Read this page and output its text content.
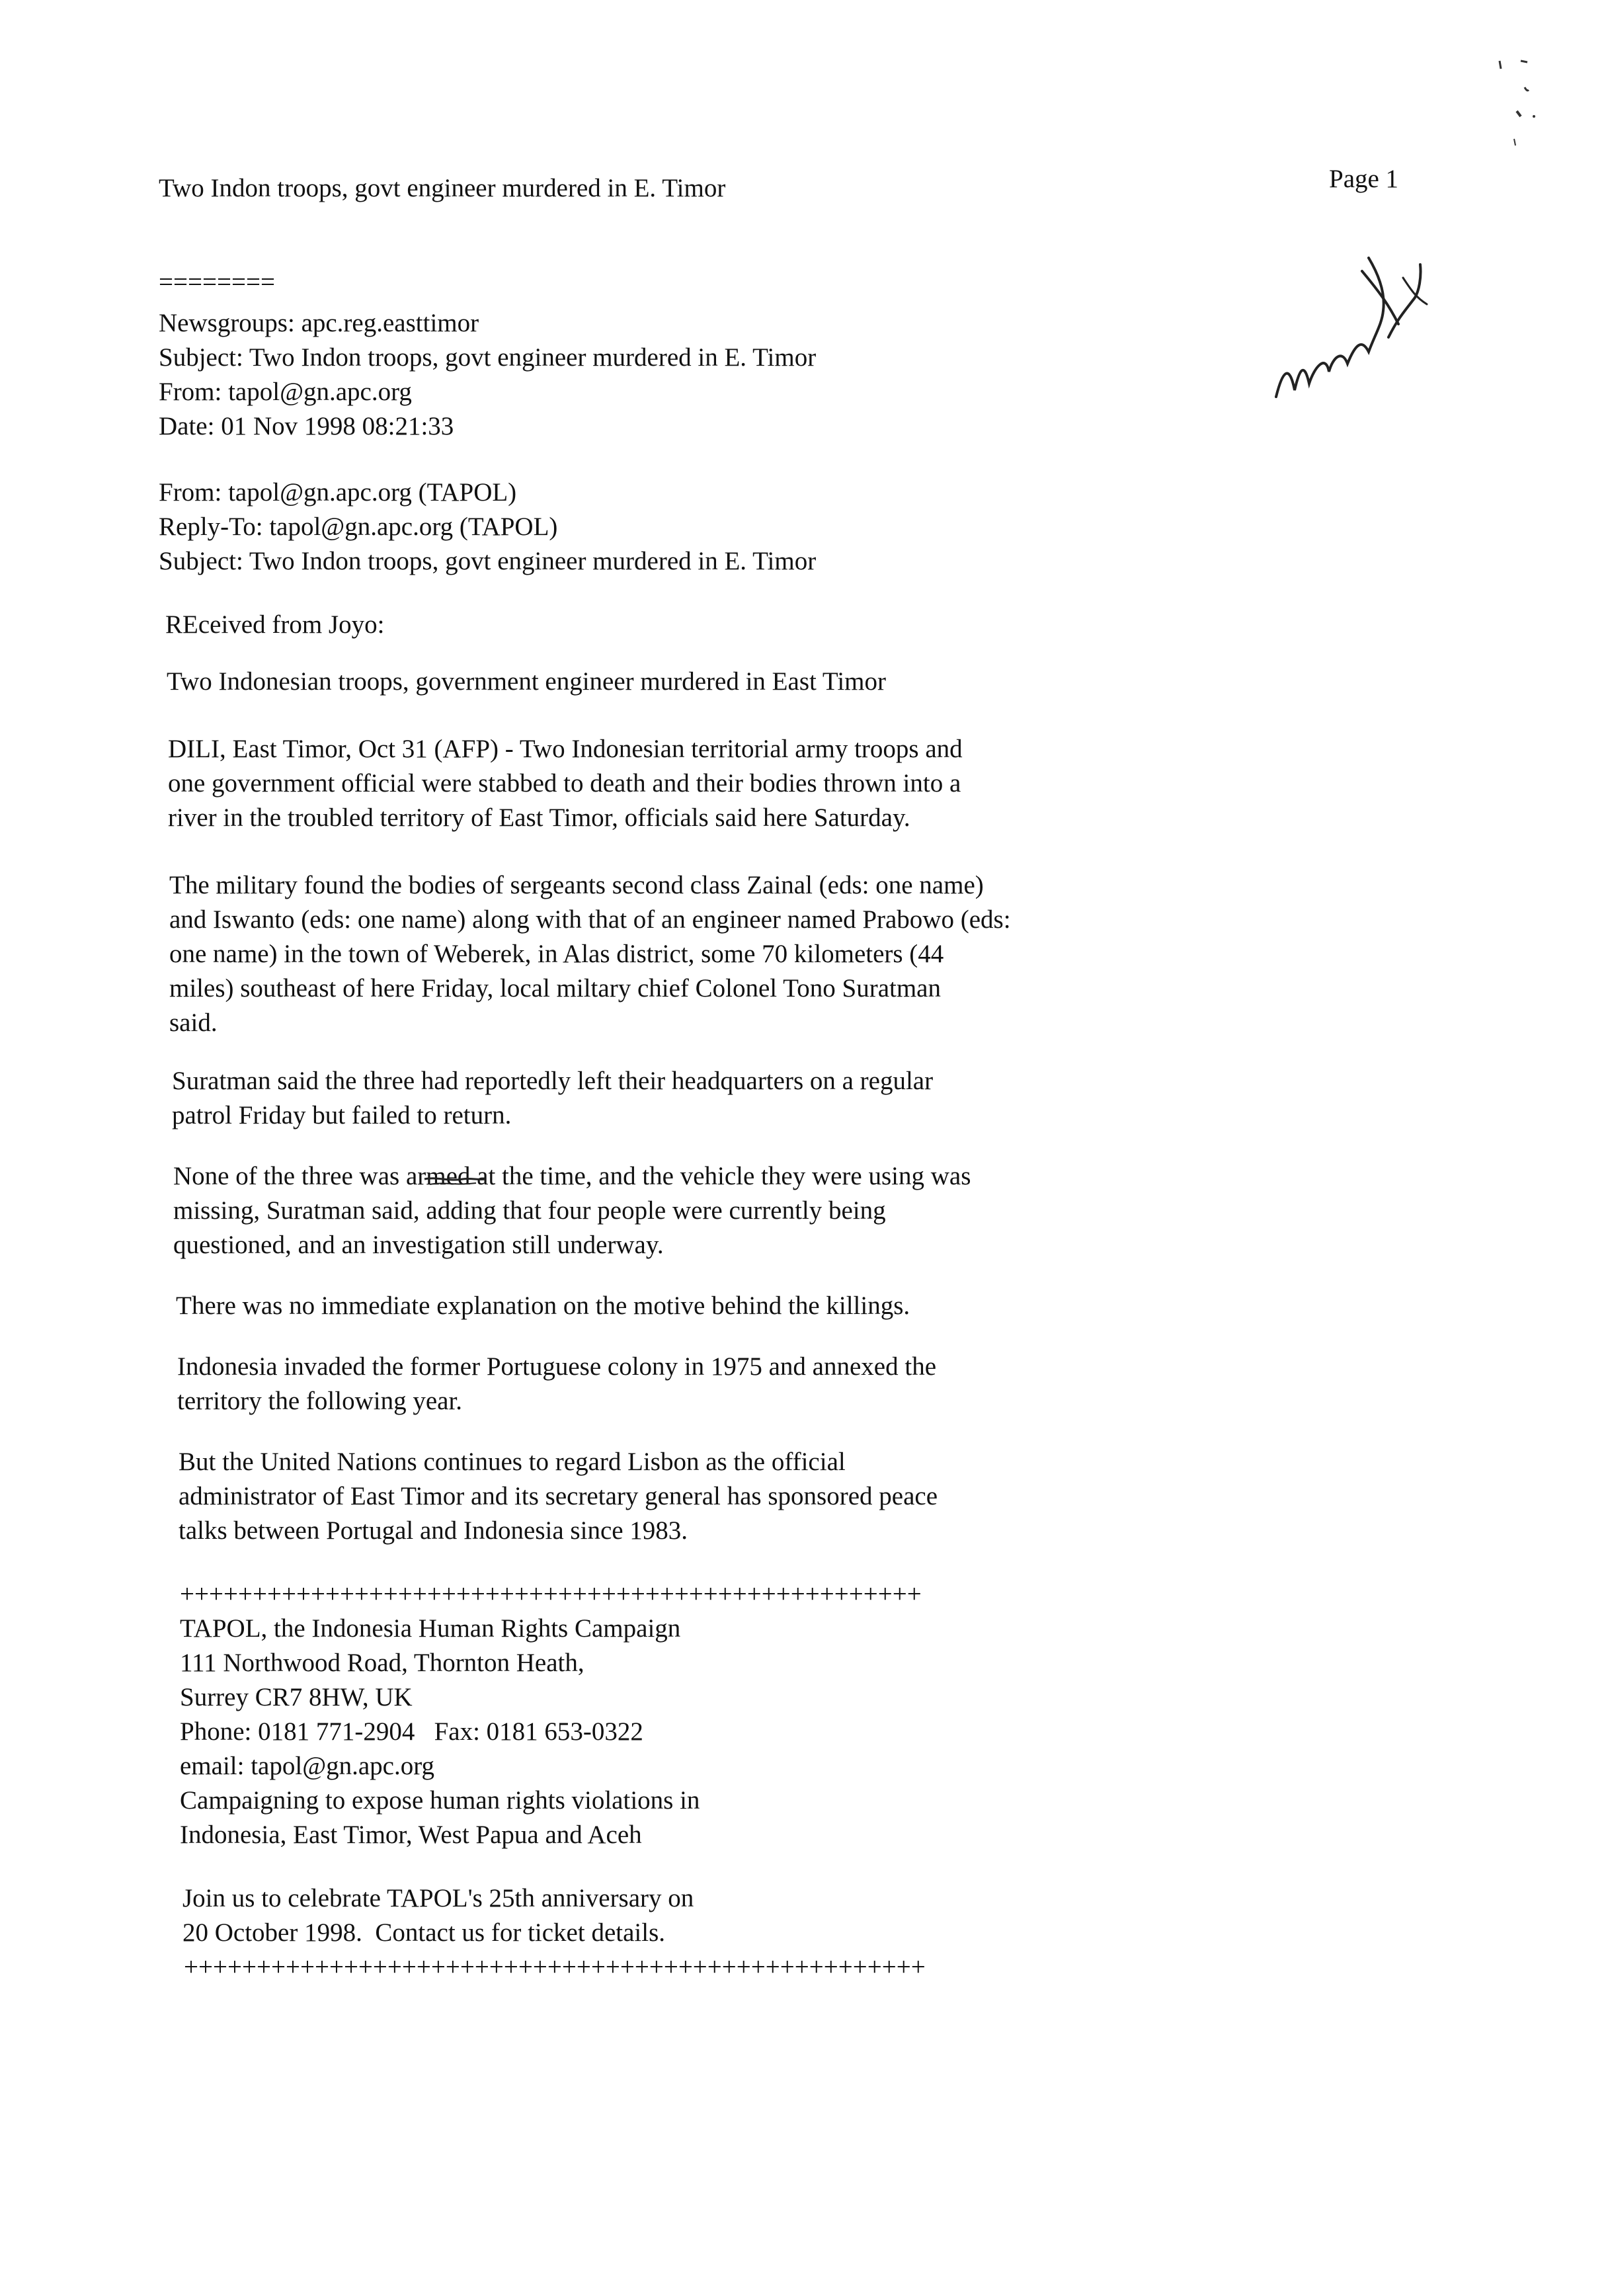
Page 1
Two Indon troops, govt engineer murdered in E. Timor
========
Newsgroups: apc.reg.easttimor
Subject: Two Indon troops, govt engineer murdered in E. Timor
From: tapol@gn.apc.org
Date: 01 Nov 1998 08:21:33
From: tapol@gn.apc.org (TAPOL)
Reply-To: tapol@gn.apc.org (TAPOL)
Subject: Two Indon troops, govt engineer murdered in E. Timor
REceived from Joyo:
Two Indonesian troops, government engineer murdered in East Timor
DILI, East Timor, Oct 31 (AFP) - Two Indonesian territorial army troops and
one government official were stabbed to death and their bodies thrown into a
river in the troubled territory of East Timor, officials said here Saturday.
The military found the bodies of sergeants second class Zainal (eds: one name)
and Iswanto (eds: one name) along with that of an engineer named Prabowo (eds:
one name) in the town of Weberek, in Alas district, some 70 kilometers (44
miles) southeast of here Friday, local miltary chief Colonel Tono Suratman
said.
Suratman said the three had reportedly left their headquarters on a regular
patrol Friday but failed to return.
None of the three was armed at the time, and the vehicle they were using was
missing, Suratman said, adding that four people were currently being
questioned, and an investigation still underway.
There was no immediate explanation on the motive behind the killings.
Indonesia invaded the former Portuguese colony in 1975 and annexed the
territory the following year.
But the United Nations continues to regard Lisbon as the official
administrator of East Timor and its secretary general has sponsored peace
talks between Portugal and Indonesia since 1983.
+++++++++++++++++++++++++++++++++++++++++++++++++++
TAPOL, the Indonesia Human Rights Campaign
111 Northwood Road, Thornton Heath,
Surrey CR7 8HW, UK
Phone: 0181 771-2904   Fax: 0181 653-0322
email: tapol@gn.apc.org
Campaigning to expose human rights violations in
Indonesia, East Timor, West Papua and Aceh
Join us to celebrate TAPOL's 25th anniversary on
20 October 1998.  Contact us for ticket details.
+++++++++++++++++++++++++++++++++++++++++++++++++++
